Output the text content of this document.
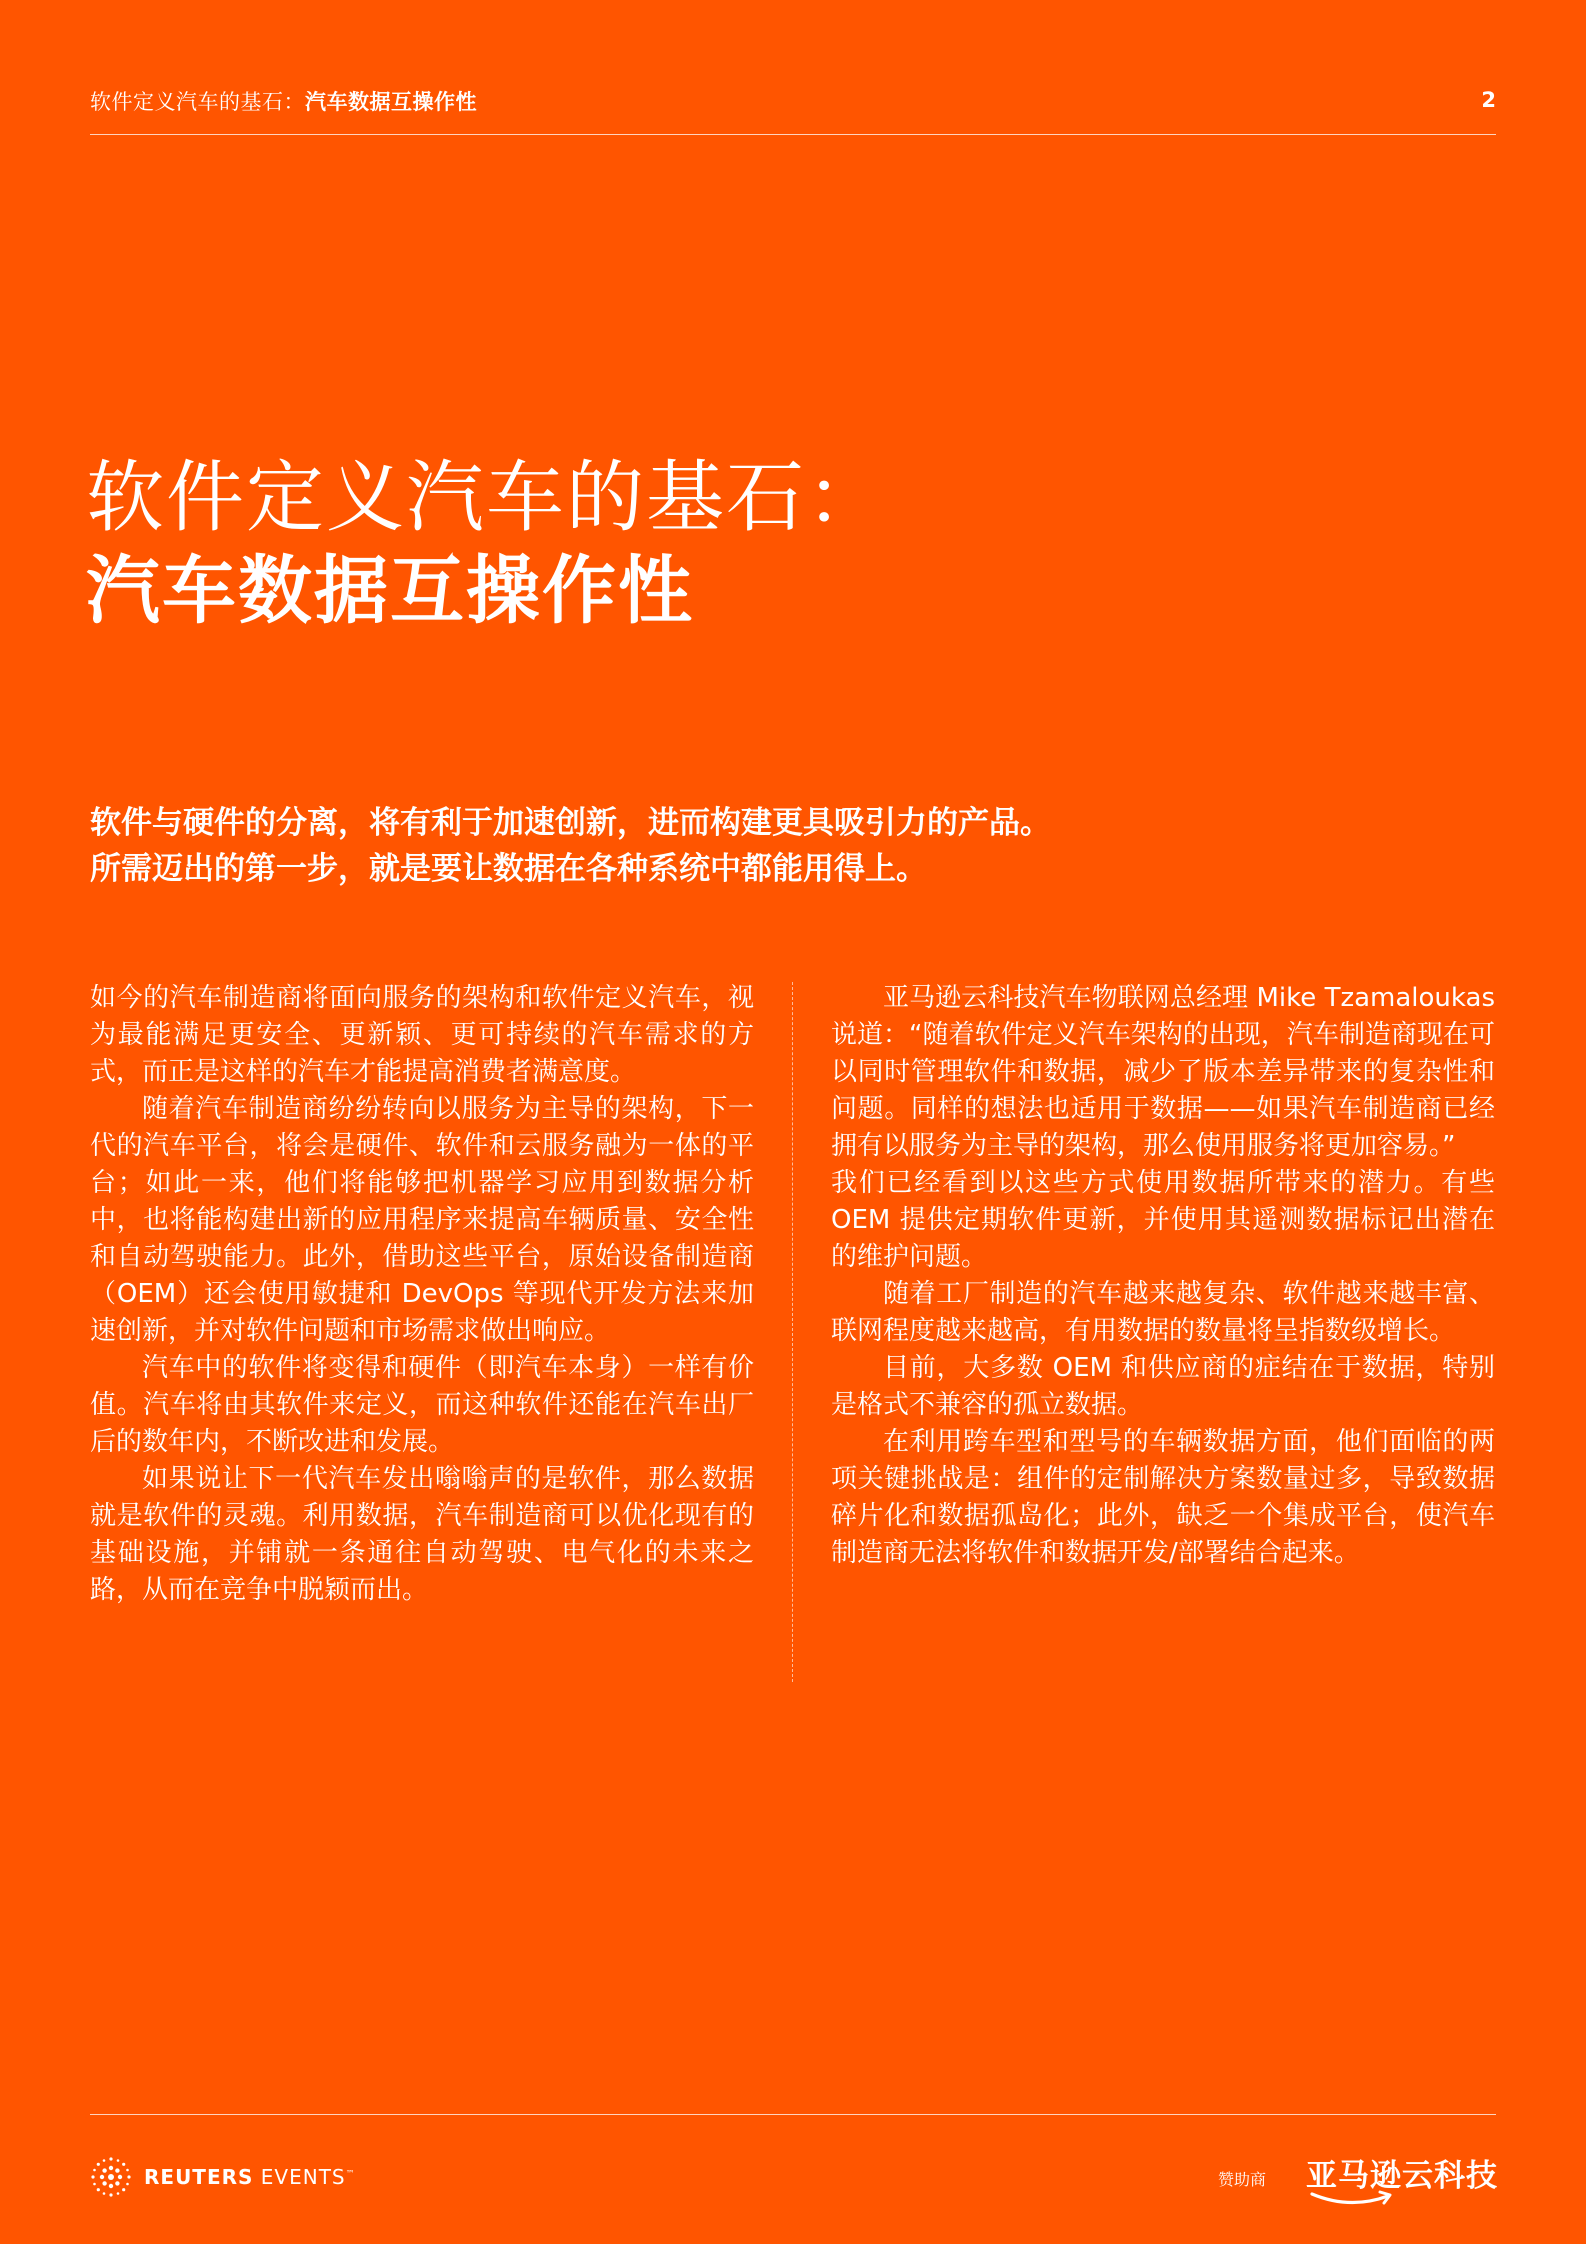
软件定义汽车的基石：汽车数据互操作性	2
软件定义汽车的基石：
汽车数据互操作性
软件与硬件的分离，将有利于加速创新，进而构建更具吸引力的产品。
所需迈出的第一步，就是要让数据在各种系统中都能用得上。

如今的汽车制造商将面向服务的架构和软件定义汽车，视为最能满足更安全、更新颖、更可持续的汽车需求的方式，而正是这样的汽车才能提高消费者满意度。

随着汽车制造商纷纷转向以服务为主导的架构，下一代的汽车平台，将会是硬件、软件和云服务融为一体的平台；如此一来，他们将能够把机器学习应用到数据分析中，也将能构建出新的应用程序来提高车辆质量、安全性和自动驾驶能力。此外，借助这些平台，原始设备制造商（OEM）还会使用敏捷和 DevOps 等现代开发方法来加速创新，并对软件问题和市场需求做出响应。

汽车中的软件将变得和硬件（即汽车本身）一样有价值。汽车将由其软件来定义，而这种软件还能在汽车出厂后的数年内，不断改进和发展。

如果说让下一代汽车发出嗡嗡声的是软件，那么数据就是软件的灵魂。利用数据，汽车制造商可以优化现有的基础设施，并铺就一条通往自动驾驶、电气化的未来之路，从而在竞争中脱颖而出。

亚马逊云科技汽车物联网总经理 Mike Tzamaloukas 说道：“随着软件定义汽车架构的出现，汽车制造商现在可以同时管理软件和数据，减少了版本差异带来的复杂性和问题。同样的想法也适用于数据——如果汽车制造商已经拥有以服务为主导的架构，那么使用服务将更加容易。”

我们已经看到以这些方式使用数据所带来的潜力。有些 OEM 提供定期软件更新，并使用其遥测数据标记出潜在的维护问题。

随着工厂制造的汽车越来越复杂、软件越来越丰富、联网程度越来越高，有用数据的数量将呈指数级增长。

目前，大多数 OEM 和供应商的症结在于数据，特别是格式不兼容的孤立数据。

在利用跨车型和型号的车辆数据方面，他们面临的两项关键挑战是：组件的定制解决方案数量过多，导致数据碎片化和数据孤岛化；此外，缺乏一个集成平台，使汽车制造商无法将软件和数据开发/部署结合起来。

REUTERS EVENTS™	赞助商 亚马逊云科技
